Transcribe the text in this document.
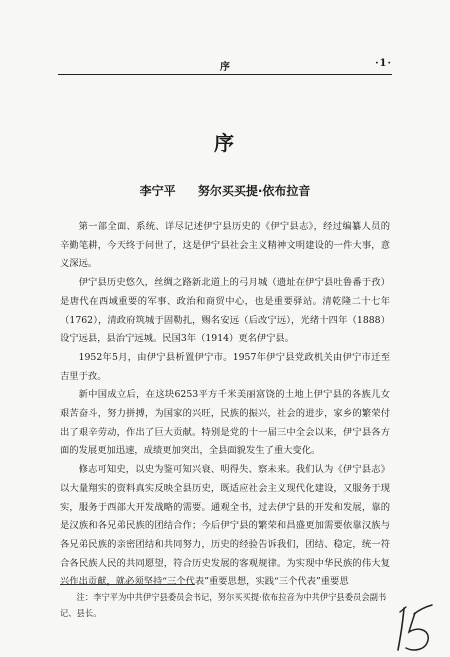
序	·1·
序
李宁平 努尔买买提·依布拉音

第一部全面、系统、详尽记述伊宁县历史的《伊宁县志》，经过编纂人员的辛勤笔耕，今天终于问世了，这是伊宁县社会主义精神文明建设的一件大事，意义深远。

伊宁县历史悠久，丝绸之路新北道上的弓月城（遗址在伊宁县吐鲁番于孜）是唐代在西域重要的军事、政治和商贸中心，也是重要驿站。清乾隆二十七年（1762），清政府筑城于固勒扎，赐名安远（后改宁远），光绪十四年（1888）设宁远县，县治宁远城。民国3年（1914）更名伊宁县。

1952年5月，由伊宁县析置伊宁市。1957年伊宁县党政机关由伊宁市迁至吉里于孜。

新中国成立后，在这块6253平方千米美丽富饶的土地上伊宁县的各族儿女艰苦奋斗，努力拼搏，为国家的兴旺，民族的振兴，社会的进步，家乡的繁荣付出了艰辛劳动，作出了巨大贡献。特别是党的十一届三中全会以来，伊宁县各方面的发展更加迅速，成绩更加突出，全县面貌发生了重大变化。

修志可知史，以史为鉴可知兴衰、明得失、察未来。我们认为《伊宁县志》以大量翔实的资料真实反映全县历史，既适应社会主义现代化建设，又服务于现实，服务于西部大开发战略的需要。通观全书，过去伊宁县的开发和发展，靠的是汉族和各兄弟民族的团结合作；今后伊宁县的繁荣和昌盛更加需要依靠汉族与各兄弟民族的亲密团结和共同努力，历史的经验告诉我们，团结、稳定，统一符合各民族人民的共同愿望，符合历史发展的客观规律。为实现中华民族的伟大复兴作出贡献，就必须坚持“三个代表”重要思想，实践“三个代表”重要思

注：李宁平为中共伊宁县委员会书记，努尔买买提·依布拉音为中共伊宁县委员会副书记、县长。
